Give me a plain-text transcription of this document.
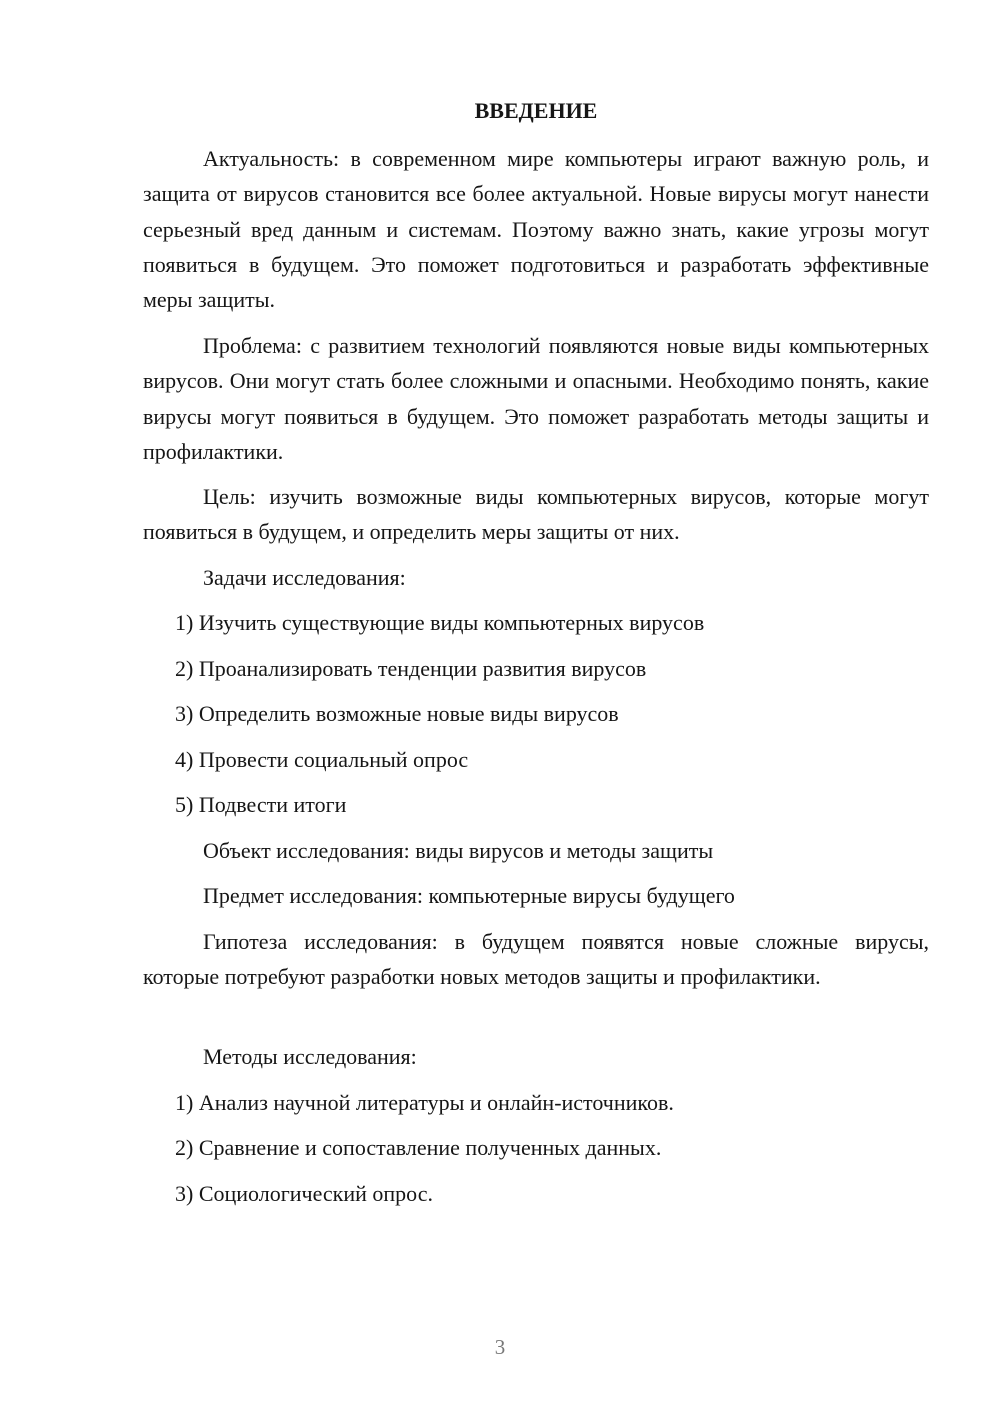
ВВЕДЕНИЕ

Актуальность: в современном мире компьютеры играют важную роль, и защита от вирусов становится все более актуальной. Новые вирусы могут нанести серьезный вред данным и системам. Поэтому важно знать, какие угрозы могут появиться в будущем. Это поможет подготовиться и разработать эффективные меры защиты.

Проблема: с развитием технологий появляются новые виды компьютерных вирусов. Они могут стать более сложными и опасными. Необходимо понять, какие вирусы могут появиться в будущем. Это поможет разработать методы защиты и профилактики.

Цель: изучить возможные виды компьютерных вирусов, которые могут появиться в будущем, и определить меры защиты от них.

Задачи исследования:

1) Изучить существующие виды компьютерных вирусов

2) Проанализировать тенденции развития вирусов

3) Определить возможные новые виды вирусов

4) Провести социальный опрос

5) Подвести итоги

Объект исследования: виды вирусов и методы защиты

Предмет исследования: компьютерные вирусы будущего

Гипотеза исследования: в будущем появятся новые сложные вирусы, которые потребуют разработки новых методов защиты и профилактики.

Методы исследования:

1) Анализ научной литературы и онлайн-источников.

2) Сравнение и сопоставление полученных данных.

3) Социологический опрос.

3
